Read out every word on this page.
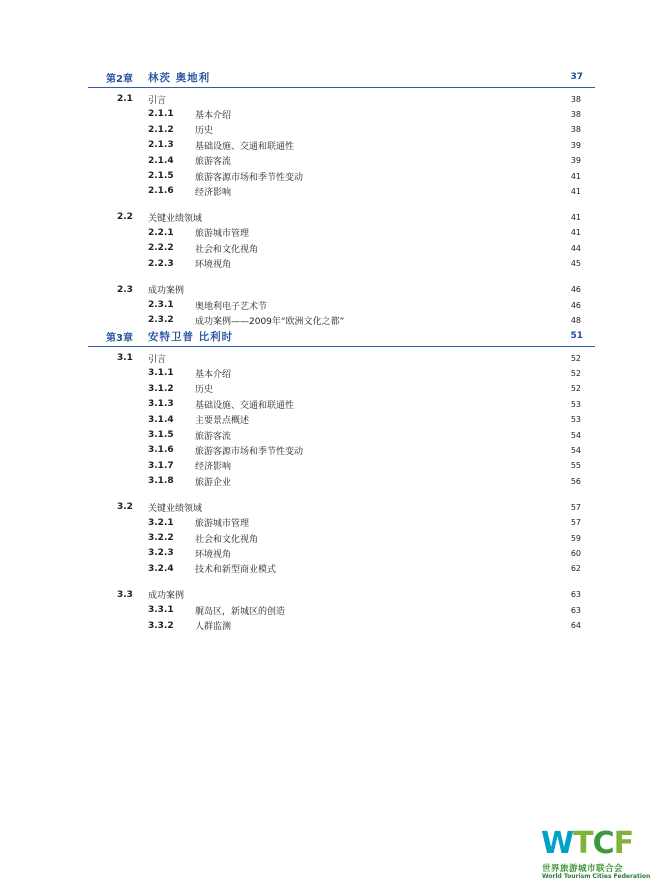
第2章 林茨 奥地利	37
2.1 引言	38
2.1.1 基本介绍	38
2.1.2 历史	38
2.1.3 基础设施、交通和联通性	39
2.1.4 旅游客流	39
2.1.5 旅游客源市场和季节性变动	41
2.1.6 经济影响	41
2.2 关键业绩领域	41
2.2.1 旅游城市管理	41
2.2.2 社会和文化视角	44
2.2.3 环境视角	45
2.3 成功案例	46
2.3.1 奥地利电子艺术节	46
2.3.2 成功案例——2009年“欧洲文化之都”	48
第3章 安特卫普 比利时	51
3.1 引言	52
3.1.1 基本介绍	52
3.1.2 历史	52
3.1.3 基础设施、交通和联通性	53
3.1.4 主要景点概述	53
3.1.5 旅游客流	54
3.1.6 旅游客源市场和季节性变动	54
3.1.7 经济影响	55
3.1.8 旅游企业	56
3.2 关键业绩领域	57
3.2.1 旅游城市管理	57
3.2.2 社会和文化视角	59
3.2.3 环境视角	60
3.2.4 技术和新型商业模式	62
3.3 成功案例	63
3.3.1 艉岛区，新城区的创造	63
3.3.2 人群监测	64
WTCF
世界旅游城市联合会
World Tourism Cities Federation
